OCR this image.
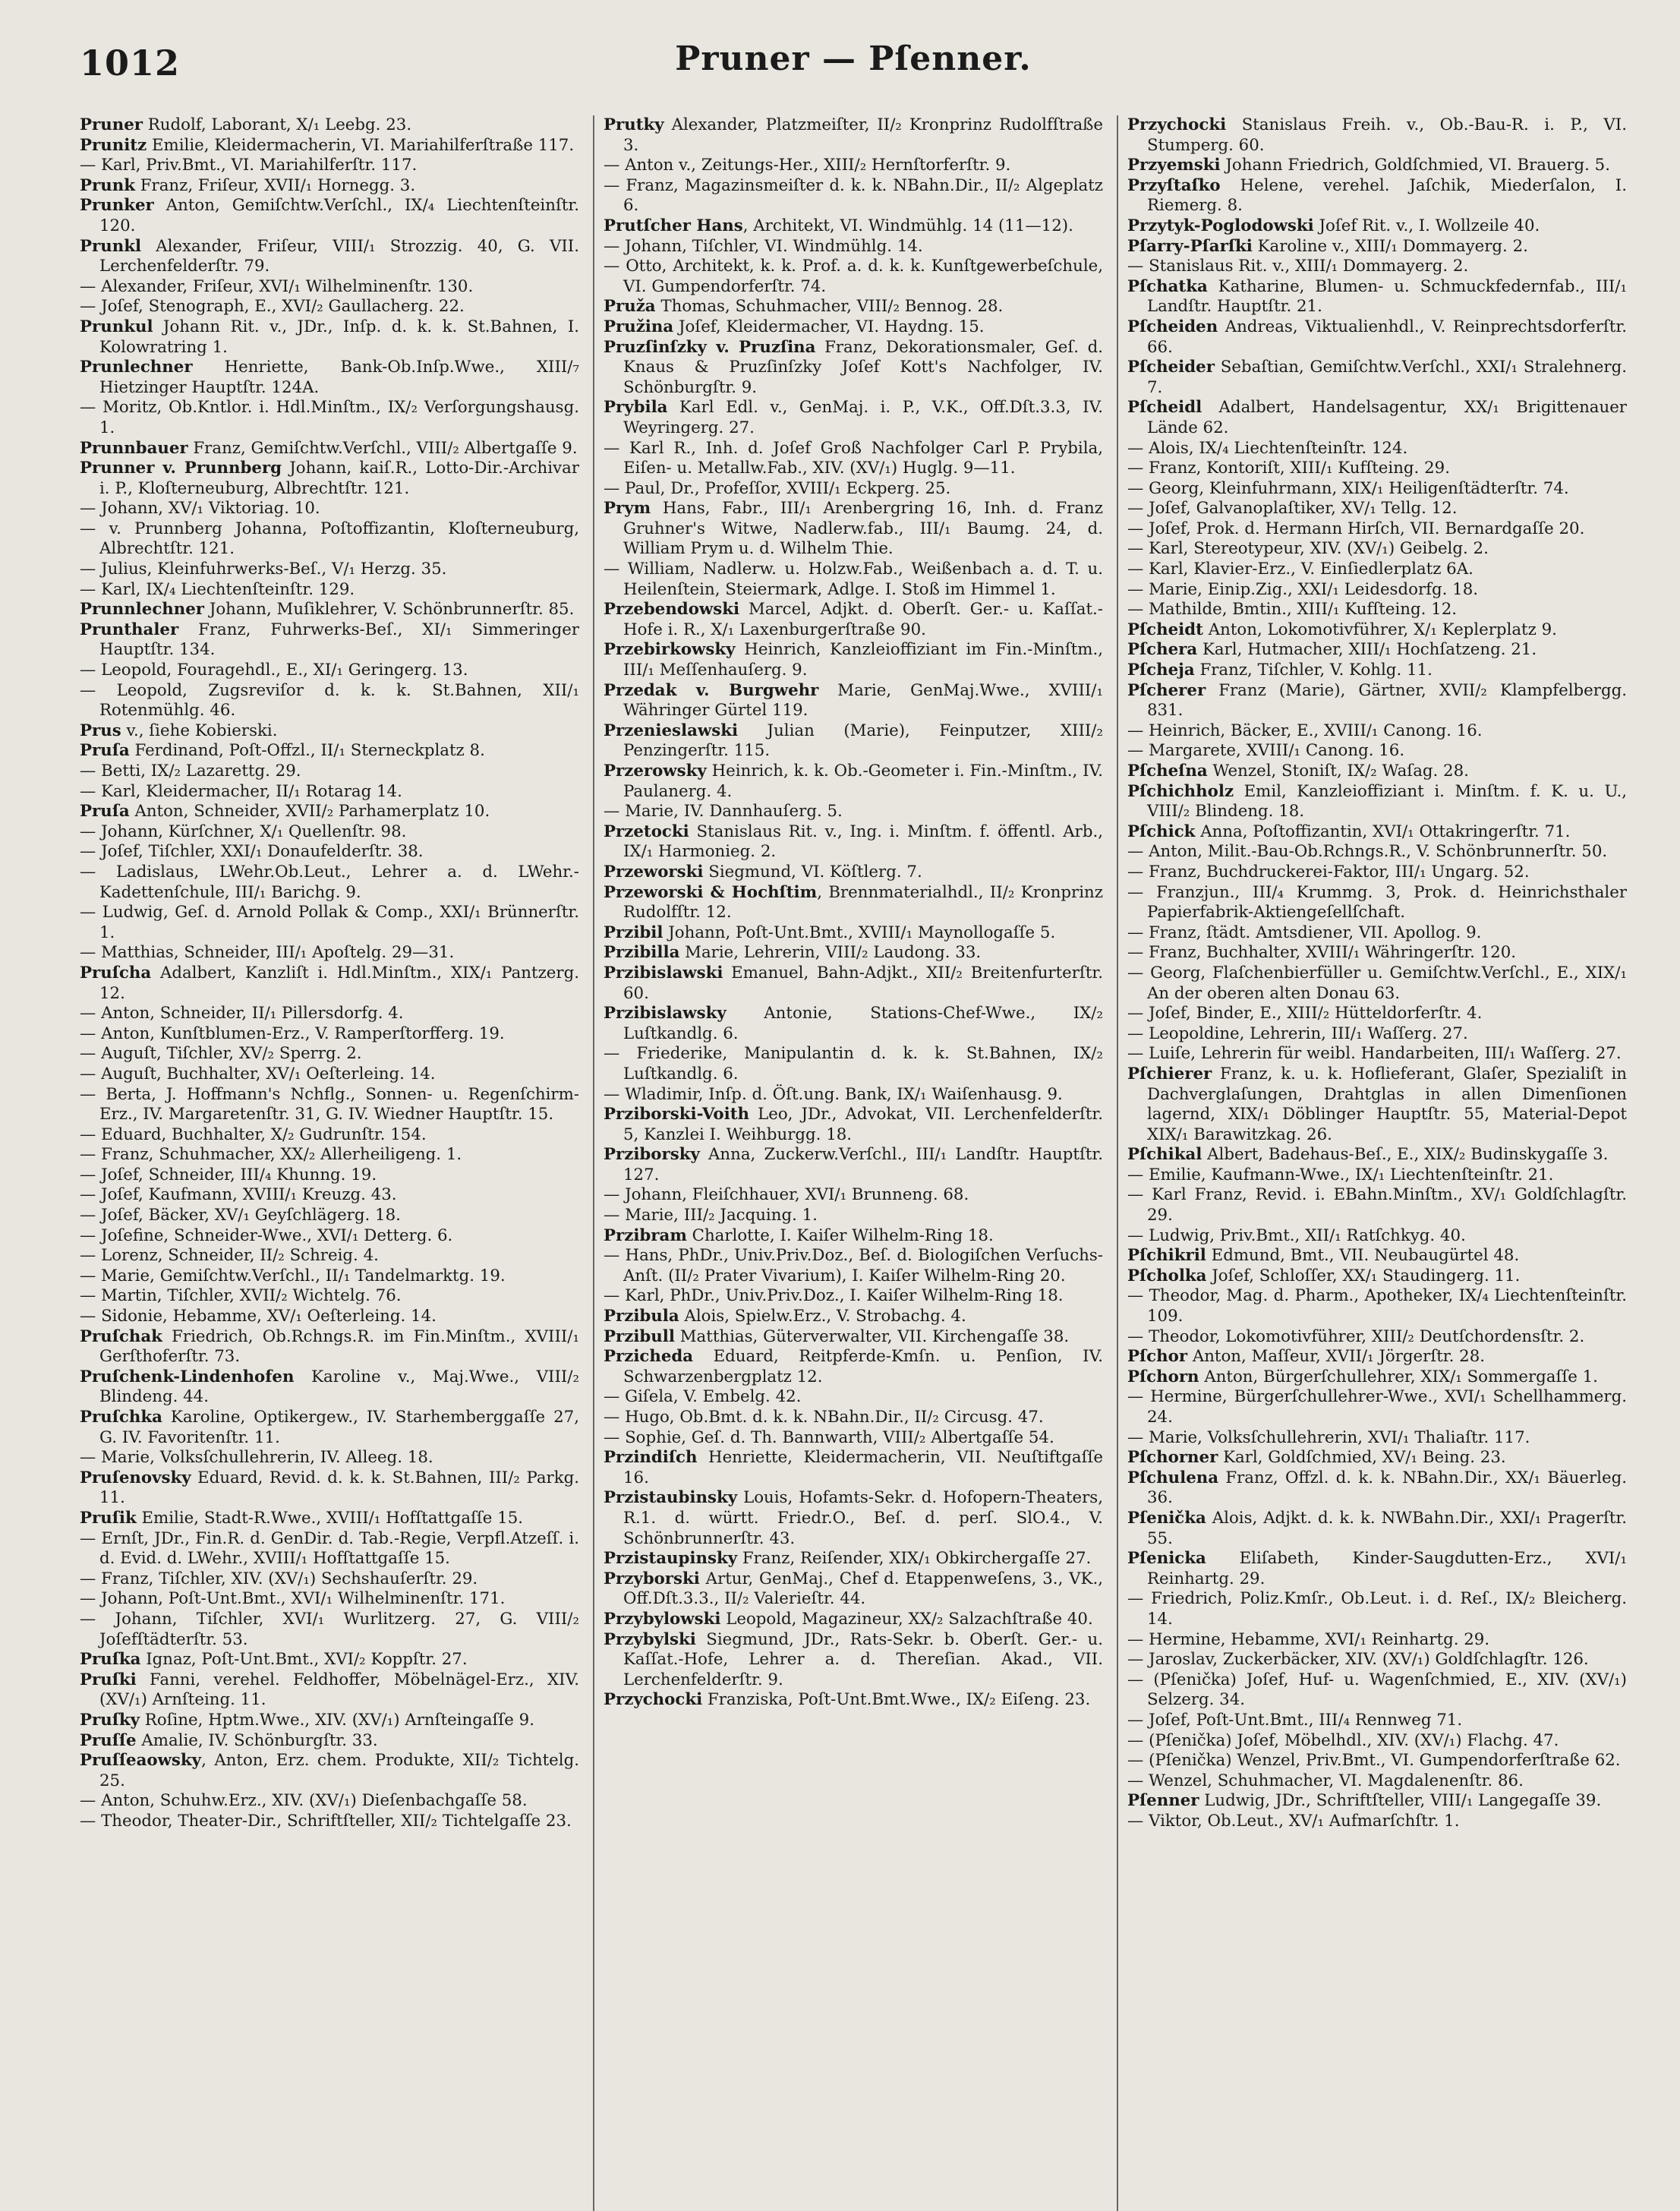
1012	Pruner — Pſenner.

Pruner Rudolf, Laborant, X/₁ Leebg. 23.

Prunitz Emilie, Kleidermacherin, VI. Mariahilferſtraße 117.

— Karl, Priv.Bmt., VI. Mariahilferſtr. 117.

Prunk Franz, Friſeur, XVII/₁ Hornegg. 3.

Prunker Anton, Gemiſchtw.Verſchl., IX/₄ Liechtenſteinſtr. 120.

Prunkl Alexander, Friſeur, VIII/₁ Strozzig. 40, G. VII. Lerchenfelderſtr. 79.

— Alexander, Friſeur, XVI/₁ Wilhelminenſtr. 130.

— Joſef, Stenograph, E., XVI/₂ Gaullacherg. 22.

Prunkul Johann Rit. v., JDr., Inſp. d. k. k. St.Bahnen, I. Kolowratring 1.

Prunlechner Henriette, Bank-Ob.Inſp.Wwe., XIII/₇ Hietzinger Hauptſtr. 124A.

— Moritz, Ob.Kntlor. i. Hdl.Minſtm., IX/₂ Verſorgungshausg. 1.

Prunnbauer Franz, Gemiſchtw.Verſchl., VIII/₂ Albertgaſſe 9.

Prunner v. Prunnberg Johann, kaiſ.R., Lotto-Dir.-Archivar i. P., Kloſterneuburg, Albrechtſtr. 121.

— Johann, XV/₁ Viktoriag. 10.

— v. Prunnberg Johanna, Poſtoffizantin, Kloſterneuburg, Albrechtſtr. 121.

— Julius, Kleinfuhrwerks-Beſ., V/₁ Herzg. 35.

— Karl, IX/₄ Liechtenſteinſtr. 129.

Prunnlechner Johann, Muſiklehrer, V. Schönbrunnerſtr. 85.

Prunthaler Franz, Fuhrwerks-Beſ., XI/₁ Simmeringer Hauptſtr. 134.

— Leopold, Fouragehdl., E., XI/₁ Geringerg. 13.

— Leopold, Zugsreviſor d. k. k. St.Bahnen, XII/₁ Rotenmühlg. 46.

Prus v., ſiehe Kobierski.

Pruſa Ferdinand, Poſt-Offzl., II/₁ Sterneckplatz 8.

— Betti, IX/₂ Lazarettg. 29.

— Karl, Kleidermacher, II/₁ Rotarag 14.

Pruſa Anton, Schneider, XVII/₂ Parhamerplatz 10.

— Johann, Kürſchner, X/₁ Quellenſtr. 98.

— Joſef, Tiſchler, XXI/₁ Donaufelderſtr. 38.

— Ladislaus, LWehr.Ob.Leut., Lehrer a. d. LWehr.-Kadettenſchule, III/₁ Barichg. 9.

— Ludwig, Geſ. d. Arnold Pollak & Comp., XXI/₁ Brünnerſtr. 1.

— Matthias, Schneider, III/₁ Apoſtelg. 29—31.

Pruſcha Adalbert, Kanzliſt i. Hdl.Minſtm., XIX/₁ Pantzerg. 12.

— Anton, Schneider, II/₁ Pillersdorfg. 4.

— Anton, Kunſtblumen-Erz., V. Ramperſtorfferg. 19.

— Auguſt, Tiſchler, XV/₂ Sperrg. 2.

— Auguſt, Buchhalter, XV/₁ Oeſterleing. 14.

— Berta, J. Hoffmann's Nchflg., Sonnen- u. Regenſchirm-Erz., IV. Margaretenſtr. 31, G. IV. Wiedner Hauptſtr. 15.

— Eduard, Buchhalter, X/₂ Gudrunſtr. 154.

— Franz, Schuhmacher, XX/₂ Allerheiligeng. 1.

— Joſef, Schneider, III/₄ Khunng. 19.

— Joſef, Kaufmann, XVIII/₁ Kreuzg. 43.

— Joſef, Bäcker, XV/₁ Geyſchlägerg. 18.

— Joſefine, Schneider-Wwe., XVI/₁ Detterg. 6.

— Lorenz, Schneider, II/₂ Schreig. 4.

— Marie, Gemiſchtw.Verſchl., II/₁ Tandelmarktg. 19.

— Martin, Tiſchler, XVII/₂ Wichtelg. 76.

— Sidonie, Hebamme, XV/₁ Oeſterleing. 14.

Pruſchak Friedrich, Ob.Rchngs.R. im Fin.Minſtm., XVIII/₁ Gerſthoferſtr. 73.

Pruſchenk-Lindenhofen Karoline v., Maj.Wwe., VIII/₂ Blindeng. 44.

Pruſchka Karoline, Optikergew., IV. Starhemberggaſſe 27, G. IV. Favoritenſtr. 11.

— Marie, Volksſchullehrerin, IV. Alleeg. 18.

Pruſenovsky Eduard, Revid. d. k. k. St.Bahnen, III/₂ Parkg. 11.

Pruſik Emilie, Stadt-R.Wwe., XVIII/₁ Hofſtattgaſſe 15.

— Ernſt, JDr., Fin.R. d. GenDir. d. Tab.-Regie, Verpfl.Atzeſſ. i. d. Evid. d. LWehr., XVIII/₁ Hofſtattgaſſe 15.

— Franz, Tiſchler, XIV. (XV/₁) Sechshauſerſtr. 29.

— Johann, Poſt-Unt.Bmt., XVI/₁ Wilhelminenſtr. 171.

— Johann, Tiſchler, XVI/₁ Wurlitzerg. 27, G. VIII/₂ Joſefſtädterſtr. 53.

Pruſka Ignaz, Poſt-Unt.Bmt., XVI/₂ Koppſtr. 27.

Pruſki Fanni, verehel. Feldhoffer, Möbelnägel-Erz., XIV. (XV/₁) Arnſteing. 11.

Pruſky Roſine, Hptm.Wwe., XIV. (XV/₁) Arnſteingaſſe 9.

Pruſſe Amalie, IV. Schönburgſtr. 33.

Pruſſeaowsky, Anton, Erz. chem. Produkte, XII/₂ Tichtelg. 25.

— Anton, Schuhw.Erz., XIV. (XV/₁) Dieſenbachgaſſe 58.

— Theodor, Theater-Dir., Schriftſteller, XII/₂ Tichtelgaſſe 23.

Prutky Alexander, Platzmeiſter, II/₂ Kronprinz Rudolfſtraße 3.

— Anton v., Zeitungs-Her., XIII/₂ Hernſtorferſtr. 9.

— Franz, Magazinsmeiſter d. k. k. NBahn.Dir., II/₂ Algeplatz 6.

Prutſcher Hans, Architekt, VI. Windmühlg. 14 (11—12).

— Johann, Tiſchler, VI. Windmühlg. 14.

— Otto, Architekt, k. k. Prof. a. d. k. k. Kunſtgewerbeſchule, VI. Gumpendorferſtr. 74.

Pruža Thomas, Schuhmacher, VIII/₂ Bennog. 28.

Pružina Joſef, Kleidermacher, VI. Haydng. 15.

Pruzſinſzky v. Pruzſina Franz, Dekorationsmaler, Geſ. d. Knaus & Pruzſinſzky Joſef Kott's Nachfolger, IV. Schönburgſtr. 9.

Prybila Karl Edl. v., GenMaj. i. P., V.K., Off.Dſt.3.3, IV. Weyringerg. 27.

— Karl R., Inh. d. Joſef Groß Nachfolger Carl P. Prybila, Eiſen- u. Metallw.Fab., XIV. (XV/₁) Huglg. 9—11.

— Paul, Dr., Profeſſor, XVIII/₁ Eckperg. 25.

Prym Hans, Fabr., III/₁ Arenbergring 16, Inh. d. Franz Gruhner's Witwe, Nadlerw.fab., III/₁ Baumg. 24, d. William Prym u. d. Wilhelm Thie.

— William, Nadlerw. u. Holzw.Fab., Weißenbach a. d. T. u. Heilenſtein, Steiermark, Adlge. I. Stoß im Himmel 1.

Przebendowski Marcel, Adjkt. d. Oberſt. Ger.- u. Kaſſat.-Hofe i. R., X/₁ Laxenburgerſtraße 90.

Przebirkowsky Heinrich, Kanzleioffiziant im Fin.-Minſtm., III/₁ Meſſenhauſerg. 9.

Przedak v. Burgwehr Marie, GenMaj.Wwe., XVIII/₁ Währinger Gürtel 119.

Przenieslawski Julian (Marie), Feinputzer, XIII/₂ Penzingerſtr. 115.

Przerowsky Heinrich, k. k. Ob.-Geometer i. Fin.-Minſtm., IV. Paulanerg. 4.

— Marie, IV. Dannhauſerg. 5.

Przetocki Stanislaus Rit. v., Ing. i. Minſtm. f. öffentl. Arb., IX/₁ Harmonieg. 2.

Przeworski Siegmund, VI. Köſtlerg. 7.

Przeworski & Hochſtim, Brennmaterialhdl., II/₂ Kronprinz Rudolfſtr. 12.

Przibil Johann, Poſt-Unt.Bmt., XVIII/₁ Maynollogaſſe 5.

Przibilla Marie, Lehrerin, VIII/₂ Laudong. 33.

Przibislawski Emanuel, Bahn-Adjkt., XII/₂ Breitenfurterſtr. 60.

Przibislawsky Antonie, Stations-Chef-Wwe., IX/₂ Luſtkandlg. 6.

— Friederike, Manipulantin d. k. k. St.Bahnen, IX/₂ Luſtkandlg. 6.

— Wladimir, Inſp. d. Öſt.ung. Bank, IX/₁ Waiſenhausg. 9.

Prziborski-Voith Leo, JDr., Advokat, VII. Lerchenfelderſtr. 5, Kanzlei I. Weihburgg. 18.

Prziborsky Anna, Zuckerw.Verſchl., III/₁ Landſtr. Hauptſtr. 127.

— Johann, Fleiſchhauer, XVI/₁ Brunneng. 68.

— Marie, III/₂ Jacquing. 1.

Przibram Charlotte, I. Kaiſer Wilhelm-Ring 18.

— Hans, PhDr., Univ.Priv.Doz., Beſ. d. Biologiſchen Verſuchs-Anſt. (II/₂ Prater Vivarium), I. Kaiſer Wilhelm-Ring 20.

— Karl, PhDr., Univ.Priv.Doz., I. Kaiſer Wilhelm-Ring 18.

Przibula Alois, Spielw.Erz., V. Strobachg. 4.

Przibull Matthias, Güterverwalter, VII. Kirchengaſſe 38.

Przicheda Eduard, Reitpferde-Kmſn. u. Penſion, IV. Schwarzenbergplatz 12.

— Giſela, V. Embelg. 42.

— Hugo, Ob.Bmt. d. k. k. NBahn.Dir., II/₂ Circusg. 47.

— Sophie, Geſ. d. Th. Bannwarth, VIII/₂ Albertgaſſe 54.

Przindiſch Henriette, Kleidermacherin, VII. Neuſtiftgaſſe 16.

Przistaubinsky Louis, Hofamts-Sekr. d. Hofopern-Theaters, R.1. d. württ. Friedr.O., Beſ. d. perſ. SlO.4., V. Schönbrunnerſtr. 43.

Przistaupinsky Franz, Reiſender, XIX/₁ Obkirchergaſſe 27.

Przyborski Artur, GenMaj., Chef d. Etappenweſens, 3., VK., Off.Dſt.3.3., II/₂ Valerieſtr. 44.

Przybylowski Leopold, Magazineur, XX/₂ Salzachſtraße 40.

Przybylski Siegmund, JDr., Rats-Sekr. b. Oberſt. Ger.- u. Kaſſat.-Hofe, Lehrer a. d. Thereſian. Akad., VII. Lerchenfelderſtr. 9.

Przychocki Franziska, Poſt-Unt.Bmt.Wwe., IX/₂ Eiſeng. 23.

Przychocki Stanislaus Freih. v., Ob.-Bau-R. i. P., VI. Stumperg. 60.

Przyemski Johann Friedrich, Goldſchmied, VI. Brauerg. 5.

Przyſtaſko Helene, verehel. Jaſchik, Miederſalon, I. Riemerg. 8.

Przytyk-Poglodowski Joſef Rit. v., I. Wollzeile 40.

Pſarry-Pſarſki Karoline v., XIII/₁ Dommayerg. 2.

— Stanislaus Rit. v., XIII/₁ Dommayerg. 2.

Pſchatka Katharine, Blumen- u. Schmuckfedernfab., III/₁ Landſtr. Hauptſtr. 21.

Pſcheiden Andreas, Viktualienhdl., V. Reinprechtsdorferſtr. 66.

Pſcheider Sebaſtian, Gemiſchtw.Verſchl., XXI/₁ Stralehnerg. 7.

Pſcheidl Adalbert, Handelsagentur, XX/₁ Brigittenauer Lände 62.

— Alois, IX/₄ Liechtenſteinſtr. 124.

— Franz, Kontoriſt, XIII/₁ Kufſteing. 29.

— Georg, Kleinfuhrmann, XIX/₁ Heiligenſtädterſtr. 74.

— Joſef, Galvanoplaſtiker, XV/₁ Tellg. 12.

— Joſef, Prok. d. Hermann Hirſch, VII. Bernardgaſſe 20.

— Karl, Stereotypeur, XIV. (XV/₁) Geibelg. 2.

— Karl, Klavier-Erz., V. Einſiedlerplatz 6A.

— Marie, Einip.Zig., XXI/₁ Leidesdorfg. 18.

— Mathilde, Bmtin., XIII/₁ Kufſteing. 12.

Pſcheidt Anton, Lokomotivführer, X/₁ Keplerplatz 9.

Pſchera Karl, Hutmacher, XIII/₁ Hochſatzeng. 21.

Pſcheja Franz, Tiſchler, V. Kohlg. 11.

Pſcherer Franz (Marie), Gärtner, XVII/₂ Klampfelbergg. 831.

— Heinrich, Bäcker, E., XVIII/₁ Canong. 16.

— Margarete, XVIII/₁ Canong. 16.

Pſcheſna Wenzel, Stoniſt, IX/₂ Waſag. 28.

Pſchichholz Emil, Kanzleioffiziant i. Minſtm. f. K. u. U., VIII/₂ Blindeng. 18.

Pſchick Anna, Poſtoffizantin, XVI/₁ Ottakringerſtr. 71.

— Anton, Milit.-Bau-Ob.Rchngs.R., V. Schönbrunnerſtr. 50.

— Franz, Buchdruckerei-Faktor, III/₁ Ungarg. 52.

— Franzjun., III/₄ Krummg. 3, Prok. d. Heinrichsthaler Papierfabrik-Aktiengeſellſchaft.

— Franz, ſtädt. Amtsdiener, VII. Apollog. 9.

— Franz, Buchhalter, XVIII/₁ Währingerſtr. 120.

— Georg, Flaſchenbierfüller u. Gemiſchtw.Verſchl., E., XIX/₁ An der oberen alten Donau 63.

— Joſef, Binder, E., XIII/₂ Hütteldorferſtr. 4.

— Leopoldine, Lehrerin, III/₁ Waſſerg. 27.

— Luiſe, Lehrerin für weibl. Handarbeiten, III/₁ Waſſerg. 27.

Pſchierer Franz, k. u. k. Hoflieferant, Glaſer, Spezialiſt in Dachverglaſungen, Drahtglas in allen Dimenſionen lagernd, XIX/₁ Döblinger Hauptſtr. 55, Material-Depot XIX/₁ Barawitzkag. 26.

Pſchikal Albert, Badehaus-Beſ., E., XIX/₂ Budinskygaſſe 3.

— Emilie, Kaufmann-Wwe., IX/₁ Liechtenſteinſtr. 21.

— Karl Franz, Revid. i. EBahn.Minſtm., XV/₁ Goldſchlagſtr. 29.

— Ludwig, Priv.Bmt., XII/₁ Ratſchkyg. 40.

Pſchikril Edmund, Bmt., VII. Neubaugürtel 48.

Pſcholka Joſef, Schloſſer, XX/₁ Staudingerg. 11.

— Theodor, Mag. d. Pharm., Apotheker, IX/₄ Liechtenſteinſtr. 109.

— Theodor, Lokomotivführer, XIII/₂ Deutſchordensſtr. 2.

Pſchor Anton, Maſſeur, XVII/₁ Jörgerſtr. 28.

Pſchorn Anton, Bürgerſchullehrer, XIX/₁ Sommergaſſe 1.

— Hermine, Bürgerſchullehrer-Wwe., XVI/₁ Schellhammerg. 24.

— Marie, Volksſchullehrerin, XVI/₁ Thaliaſtr. 117.

Pſchorner Karl, Goldſchmied, XV/₁ Being. 23.

Pſchulena Franz, Offzl. d. k. k. NBahn.Dir., XX/₁ Bäuerleg. 36.

Pſenička Alois, Adjkt. d. k. k. NWBahn.Dir., XXI/₁ Pragerſtr. 55.

Pſenicka Eliſabeth, Kinder-Saugdutten-Erz., XVI/₁ Reinhartg. 29.

— Friedrich, Poliz.Kmſr., Ob.Leut. i. d. Reſ., IX/₂ Bleicherg. 14.

— Hermine, Hebamme, XVI/₁ Reinhartg. 29.

— Jaroslav, Zuckerbäcker, XIV. (XV/₁) Goldſchlagſtr. 126.

— (Pſenička) Joſef, Huf- u. Wagenſchmied, E., XIV. (XV/₁) Selzerg. 34.

— Joſef, Poſt-Unt.Bmt., III/₄ Rennweg 71.

— (Pſenička) Joſef, Möbelhdl., XIV. (XV/₁) Flachg. 47.

— (Pſenička) Wenzel, Priv.Bmt., VI. Gumpendorferſtraße 62.

— Wenzel, Schuhmacher, VI. Magdalenenſtr. 86.

Pſenner Ludwig, JDr., Schriftſteller, VIII/₁ Langegaſſe 39.

— Viktor, Ob.Leut., XV/₁ Aufmarſchſtr. 1.
